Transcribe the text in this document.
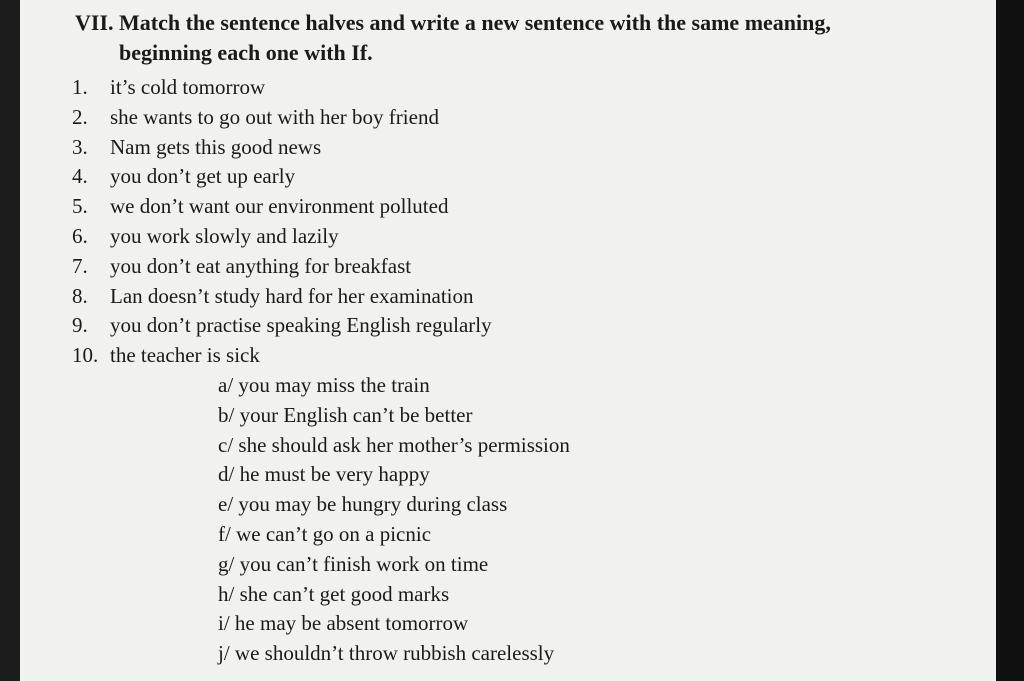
VII. Match the sentence halves and write a new sentence with the same meaning,
beginning each one with If.
1. it’s cold tomorrow
2. she wants to go out with her boy friend
3. Nam gets this good news
4. you don’t get up early
5. we don’t want our environment polluted
6. you work slowly and lazily
7. you don’t eat anything for breakfast
8. Lan doesn’t study hard for her examination
9. you don’t practise speaking English regularly
10. the teacher is sick
a/ you may miss the train
b/ your English can’t be better
c/ she should ask her mother’s permission
d/ he must be very happy
e/ you may be hungry during class
f/ we can’t go on a picnic
g/ you can’t finish work on time
h/ she can’t get good marks
i/ he may be absent tomorrow
j/ we shouldn’t throw rubbish carelessly
